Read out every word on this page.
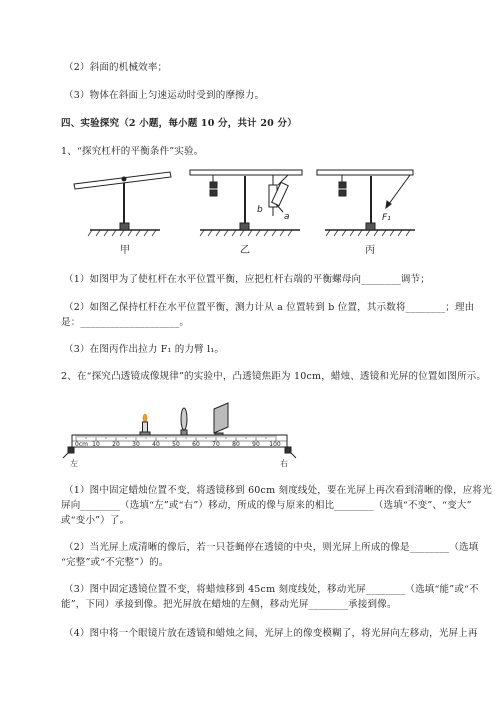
（2）斜面的机械效率；
（3）物体在斜面上匀速运动时受到的摩擦力。
四、实验探究（2 小题，每小题 10 分，共计 20 分）
1、“探究杠杆的平衡条件”实验。
甲
b
a
乙
F₁
丙
（1）如图甲为了使杠杆在水平位置平衡，应把杠杆右端的平衡螺母向________调节；
（2）如图乙保持杠杆在水平位置平衡，测力计从 a 位置转到 b 位置，其示数将________；理由
是：____________________。
（3）在图丙作出拉力 F₁ 的力臂 l₁。
2、在“探究凸透镜成像规律”的实验中，凸透镜焦距为 10cm，蜡烛、透镜和光屏的位置如图所示。
0cm 10 20 30 40 50 60 70 80 90 100
左	右
（1）图中固定蜡烛位置不变，将透镜移到 60cm 刻度线处，要在光屏上再次看到清晰的像，应将光
屏向________（选填“左”或“右”）移动，所成的像与原来的相比________（选填“不变”、“变大”
或“变小”）了。
（2）当光屏上成清晰的像后，若一只苍蝇停在透镜的中央，则光屏上所成的像是________（选填
“完整”或“不完整”）的。
（3）图中固定透镜位置不变，将蜡烛移到 45cm 刻度线处，移动光屏________（选填“能”或“不
能”，下同）承接到像。把光屏放在蜡烛的左侧，移动光屏________承接到像。
（4）图中将一个眼镜片放在透镜和蜡烛之间，光屏上的像变模糊了，将光屏向左移动，光屏上再
